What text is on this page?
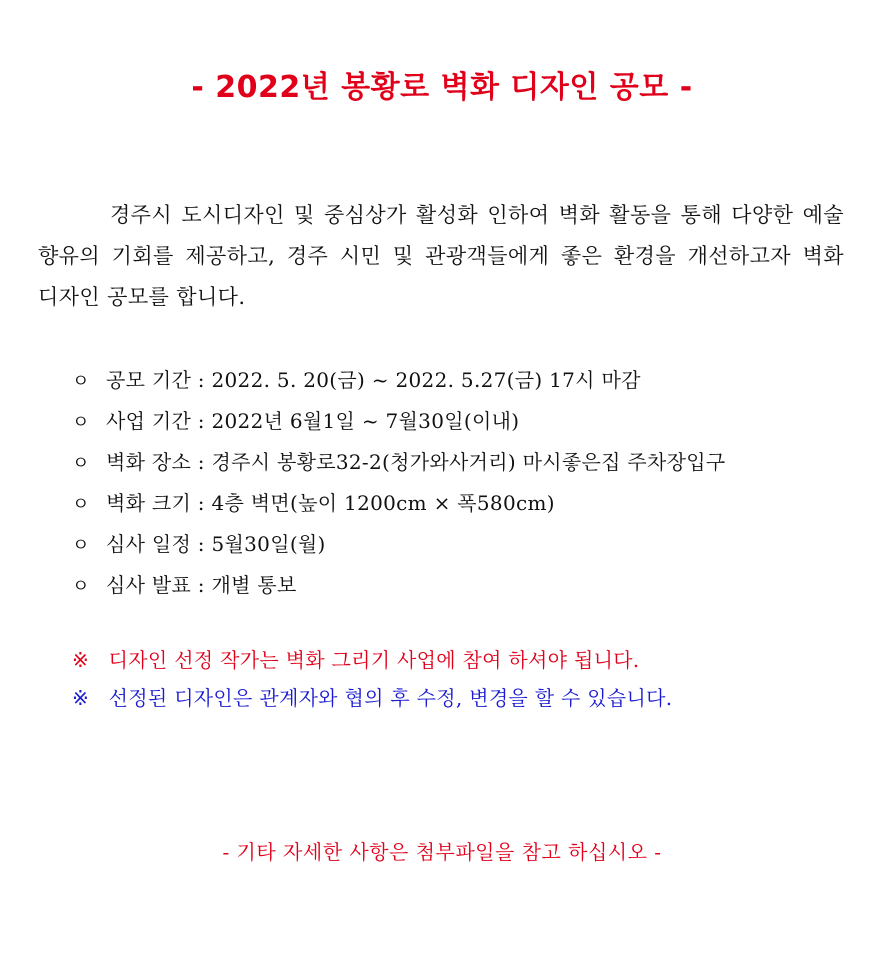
- 2022년 봉황로 벽화 디자인 공모 -

경주시 도시디자인 및 중심상가 활성화 인하여 벽화 활동을 통해 다양한 예술 향유의 기회를 제공하고, 경주 시민 및 관광객들에게 좋은 환경을 개선하고자 벽화 디자인 공모를 합니다.

ㅇ 공모 기간 : 2022. 5. 20(금) ~ 2022. 5.27(금) 17시 마감
ㅇ 사업 기간 : 2022년 6월1일 ~ 7월30일(이내)
ㅇ 벽화 장소 : 경주시 봉황로32-2(청가와사거리) 마시좋은집 주차장입구
ㅇ 벽화 크기 : 4층 벽면(높이 1200cm × 폭580cm)
ㅇ 심사 일정 : 5월30일(월)
ㅇ 심사 발표 : 개별 통보
※ 디자인 선정 작가는 벽화 그리기 사업에 참여 하셔야 됩니다.
※ 선정된 디자인은 관계자와 협의 후 수정, 변경을 할 수 있습니다.
- 기타 자세한 사항은 첨부파일을 참고 하십시오 -
